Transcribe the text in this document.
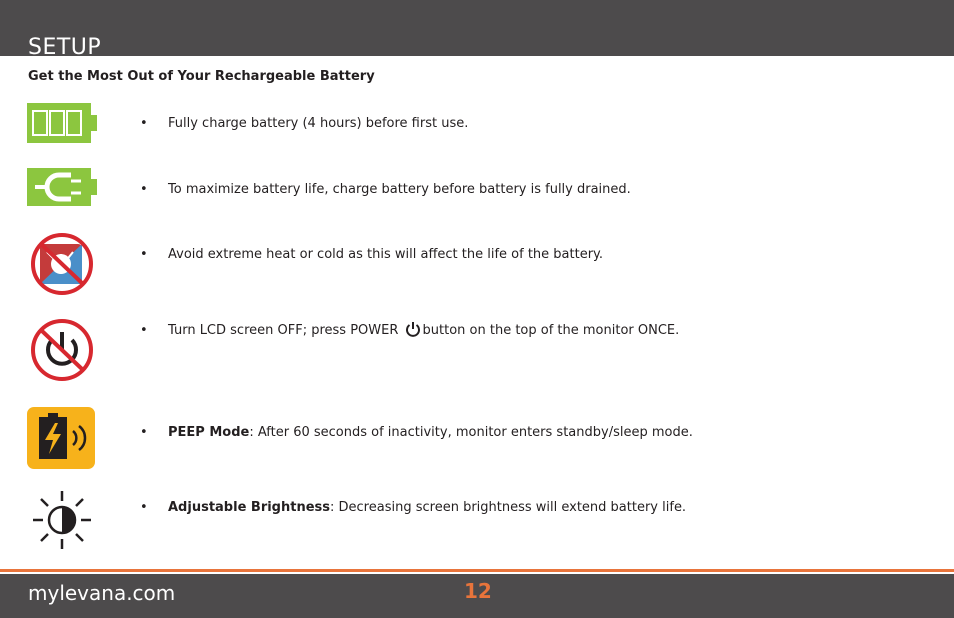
SETUP
Get the Most Out of Your Rechargeable Battery
• Fully charge battery (4 hours) before first use.
• To maximize battery life, charge battery before battery is fully drained.
• Avoid extreme heat or cold as this will affect the life of the battery.
• Turn LCD screen OFF; press POWER button on the top of the monitor ONCE.
• PEEP Mode: After 60 seconds of inactivity, monitor enters standby/sleep mode.
• Adjustable Brightness: Decreasing screen brightness will extend battery life.
mylevana.com	12
